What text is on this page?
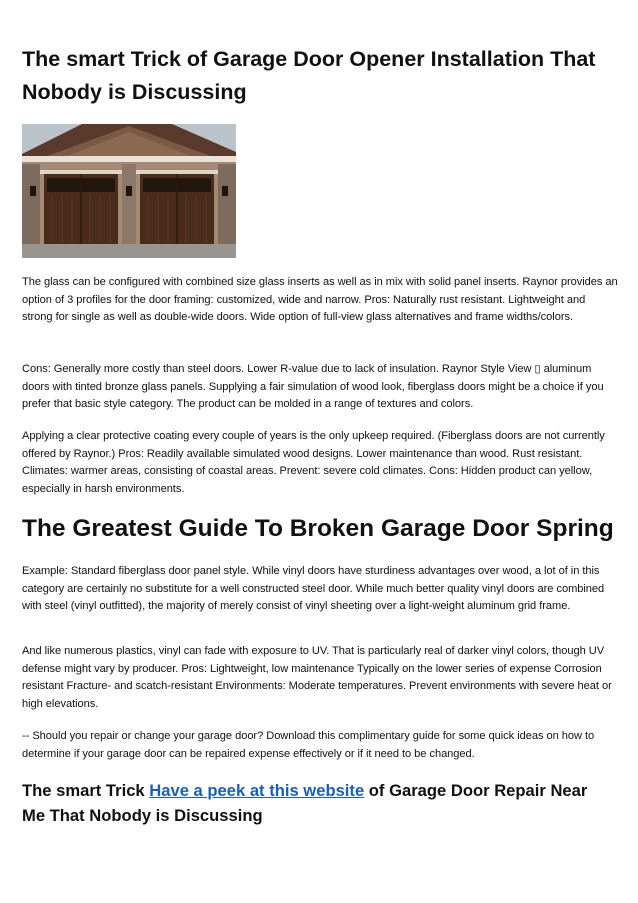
The smart Trick of Garage Door Opener Installation That Nobody is Discussing

The glass can be configured with combined size glass inserts as well as in mix with solid panel inserts. Raynor provides an option of 3 profiles for the door framing: customized, wide and narrow. Pros: Naturally rust resistant. Lightweight and strong for single as well as double-wide doors. Wide option of full-view glass alternatives and frame widths/colors.

Cons: Generally more costly than steel doors. Lower R-value due to lack of insulation. Raynor Style View ▯ aluminum doors with tinted bronze glass panels. Supplying a fair simulation of wood look, fiberglass doors might be a choice if you prefer that basic style category. The product can be molded in a range of textures and colors.

Applying a clear protective coating every couple of years is the only upkeep required. (Fiberglass doors are not currently offered by Raynor.) Pros: Readily available simulated wood designs. Lower maintenance than wood. Rust resistant. Climates: warmer areas, consisting of coastal areas. Prevent: severe cold climates. Cons: Hidden product can yellow, especially in harsh environments.

The Greatest Guide To Broken Garage Door Spring

Example: Standard fiberglass door panel style. While vinyl doors have sturdiness advantages over wood, a lot of in this category are certainly no substitute for a well constructed steel door. While much better quality vinyl doors are combined with steel (vinyl outfitted), the majority of merely consist of vinyl sheeting over a light-weight aluminum grid frame.

And like numerous plastics, vinyl can fade with exposure to UV. That is particularly real of darker vinyl colors, though UV defense might vary by producer. Pros: Lightweight, low maintenance Typically on the lower series of expense Corrosion resistant Fracture- and scatch-resistant Environments: Moderate temperatures. Prevent environments with severe heat or high elevations.

-- Should you repair or change your garage door? Download this complimentary guide for some quick ideas on how to determine if your garage door can be repaired expense effectively or if it need to be changed.

The smart Trick Have a peek at this website of Garage Door Repair Near Me That Nobody is Discussing
